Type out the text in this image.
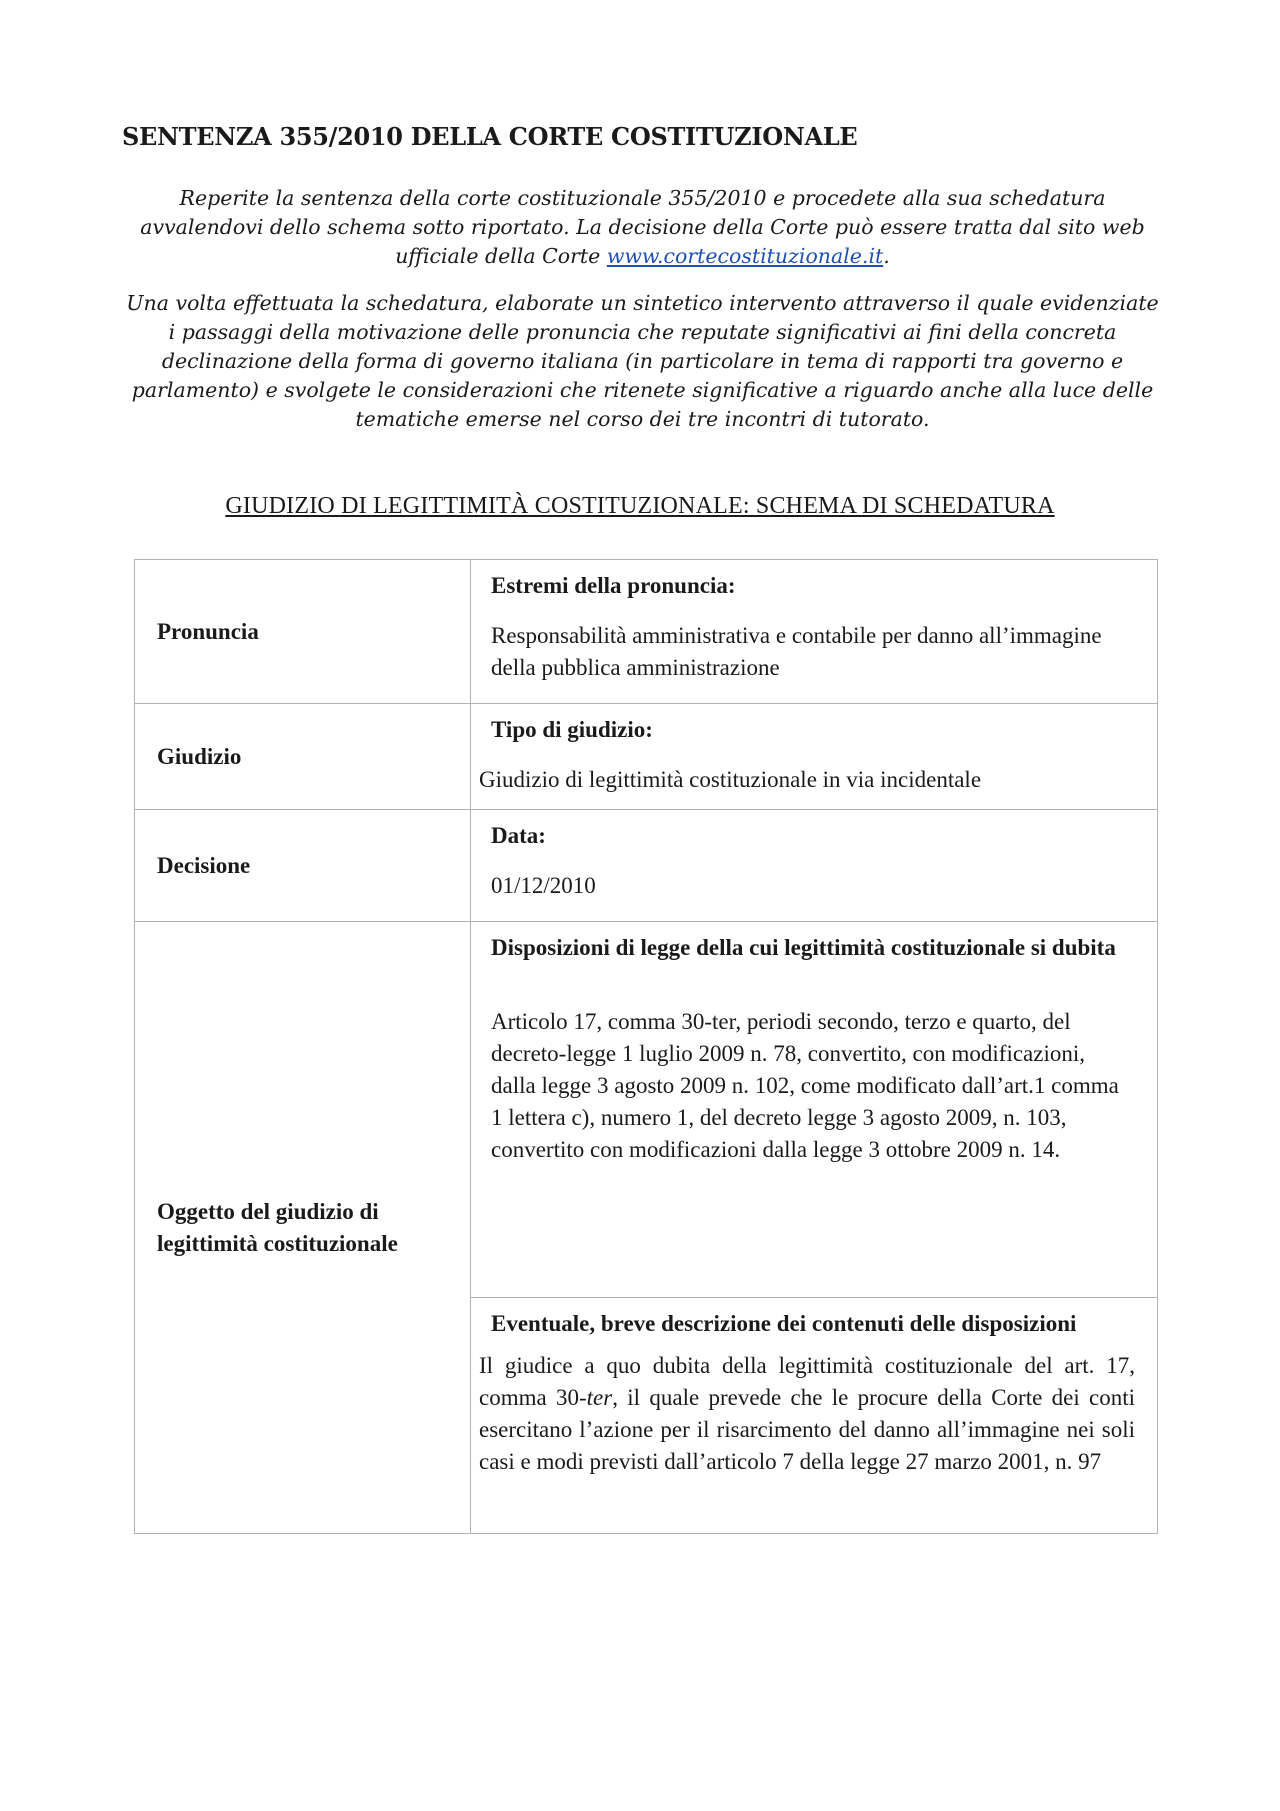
SENTENZA 355/2010 DELLA CORTE COSTITUZIONALE
Reperite la sentenza della corte costituzionale 355/2010 e procedete alla sua schedatura avvalendovi dello schema sotto riportato. La decisione della Corte può essere tratta dal sito web ufficiale della Corte www.cortecostituzionale.it.
Una volta effettuata la schedatura, elaborate un sintetico intervento attraverso il quale evidenziate i passaggi della motivazione delle pronuncia che reputate significativi ai fini della concreta declinazione della forma di governo italiana (in particolare in tema di rapporti tra governo e parlamento) e svolgete le considerazioni che ritenete significative a riguardo anche alla luce delle tematiche emerse nel corso dei tre incontri di tutorato.
GIUDIZIO DI LEGITTIMITÀ COSTITUZIONALE: SCHEMA DI SCHEDATURA
Pronuncia	Estremi della pronuncia:
Responsabilità amministrativa e contabile per danno all’immagine della pubblica amministrazione

Giudizio	Tipo di giudizio:
Giudizio di legittimità costituzionale in via incidentale

Decisione	Data:
01/12/2010

Oggetto del giudizio di legittimità costituzionale	Disposizioni di legge della cui legittimità costituzionale si dubita
Articolo 17, comma 30-ter, periodi secondo, terzo e quarto, del decreto-legge 1 luglio 2009 n. 78, convertito, con modificazioni, dalla legge 3 agosto 2009 n. 102, come modificato dall’art.1 comma 1 lettera c), numero 1, del decreto legge 3 agosto 2009, n. 103, convertito con modificazioni dalla legge 3 ottobre 2009 n. 14.

	Eventuale, breve descrizione dei contenuti delle disposizioni
Il giudice a quo dubita della legittimità costituzionale del art. 17, comma 30-ter, il quale prevede che le procure della Corte dei conti esercitano l’azione per il risarcimento del danno all’immagine nei soli casi e modi previsti dall’articolo 7 della legge 27 marzo 2001, n. 97
